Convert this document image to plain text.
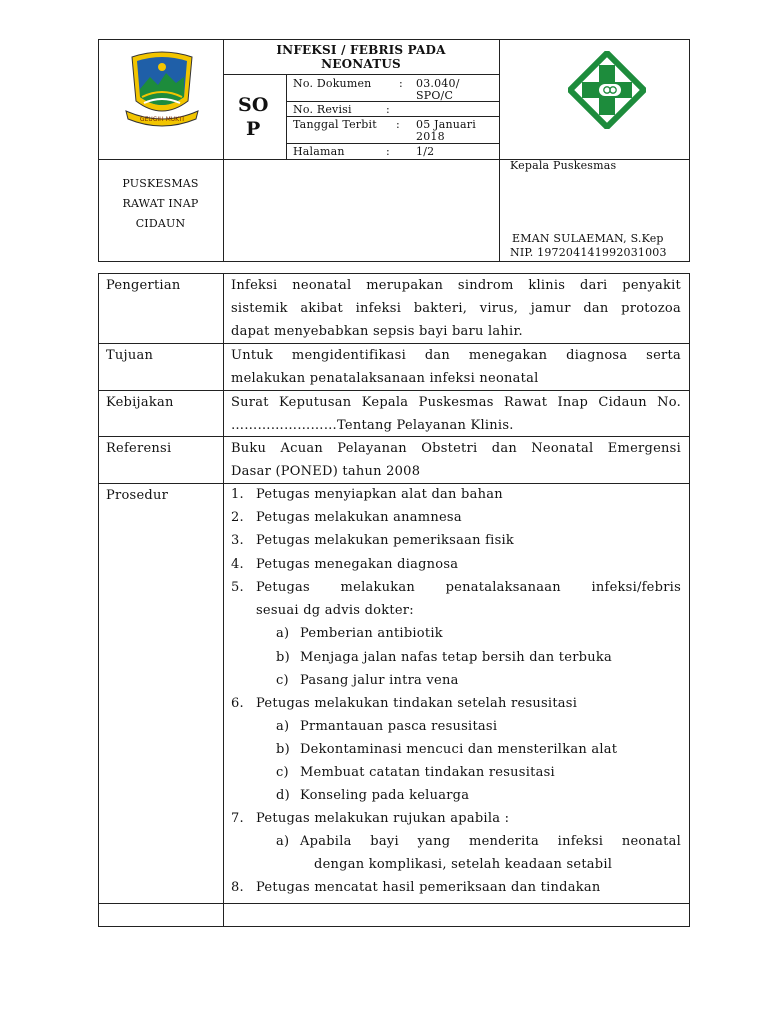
GEUGIH MUKTI
INFEKSI / FEBRIS PADA
NEONATUS
SO
P
No. Dokumen	: 03.040/
SPO/C
No. Revisi	:
Tanggal Terbit : 05 Januari
2018
Halaman	: 1/2
PUSKESMAS
RAWAT INAP
CIDAUN
Kepala Puskesmas
EMAN SULAEMAN, S.Kep
NIP. 197204141992031003
Pengertian	Infeksi neonatal merupakan sindrom klinis dari penyakit
sistemik akibat infeksi bakteri, virus, jamur dan protozoa
dapat menyebabkan sepsis bayi baru lahir.
Tujuan	Untuk mengidentifikasi dan menegakan diagnosa serta
melakukan penatalaksanaan infeksi neonatal
Kebijakan	Surat Keputusan Kepala Puskesmas Rawat Inap Cidaun No.
……………………Tentang Pelayanan Klinis.
Referensi	Buku Acuan Pelayanan Obstetri dan Neonatal Emergensi
Dasar (PONED) tahun 2008
Prosedur	1. Petugas menyiapkan alat dan bahan
2. Petugas melakukan anamnesa
3. Petugas melakukan pemeriksaan fisik
4. Petugas menegakan diagnosa
5. Petugas melakukan penatalaksanaan infeksi/febris
sesuai dg advis dokter:
a) Pemberian antibiotik
b) Menjaga jalan nafas tetap bersih dan terbuka
c) Pasang jalur intra vena
6. Petugas melakukan tindakan setelah resusitasi
a) Prmantauan pasca resusitasi
b) Dekontaminasi mencuci dan mensterilkan alat
c) Membuat catatan tindakan resusitasi
d) Konseling pada keluarga
7. Petugas melakukan rujukan apabila :
a) Apabila bayi yang menderita infeksi neonatal
dengan komplikasi, setelah keadaan setabil
8. Petugas mencatat hasil pemeriksaan dan tindakan
